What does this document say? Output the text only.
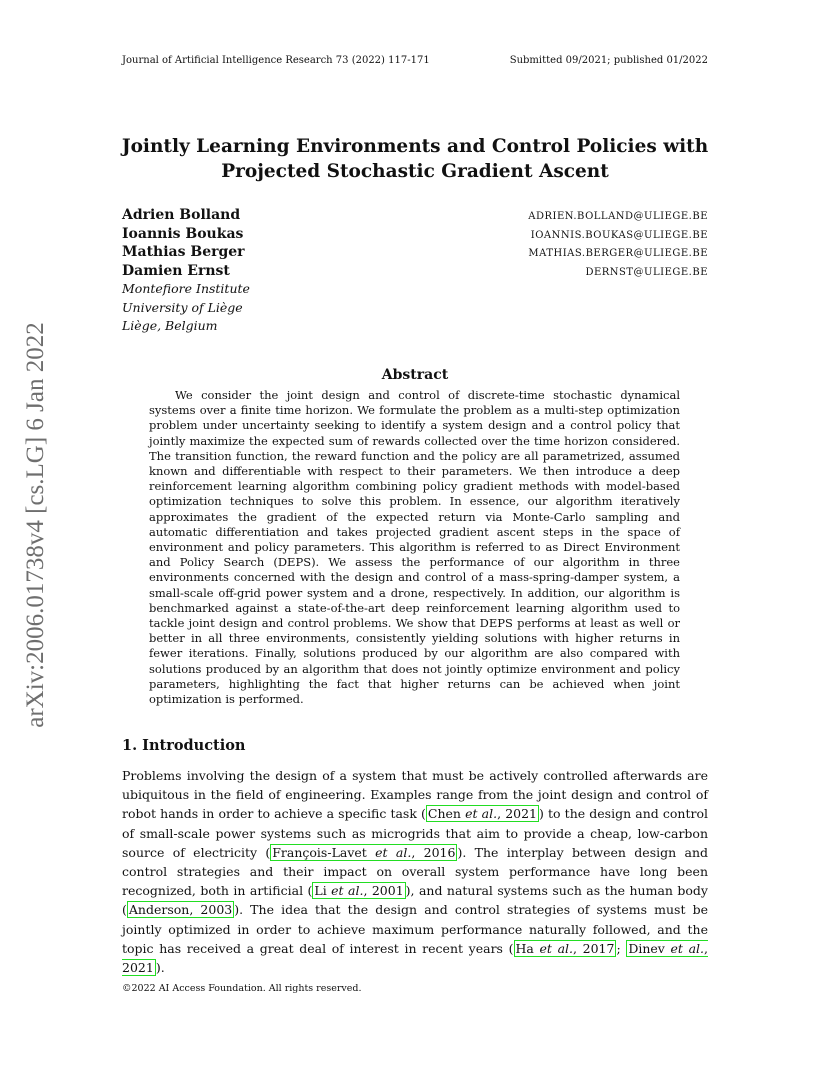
Journal of Artificial Intelligence Research 73 (2022) 117-171	Submitted 09/2021; published 01/2022
arXiv:2006.01738v4 [cs.LG] 6 Jan 2022
Jointly Learning Environments and Control Policies with
Projected Stochastic Gradient Ascent
Adrien Bolland	ADRIEN.BOLLAND@ULIEGE.BE
Ioannis Boukas	IOANNIS.BOUKAS@ULIEGE.BE
Mathias Berger	MATHIAS.BERGER@ULIEGE.BE
Damien Ernst	DERNST@ULIEGE.BE
Montefiore Institute
University of Liège
Liège, Belgium
Abstract

We consider the joint design and control of discrete-time stochastic dynamical systems over a finite time horizon. We formulate the problem as a multi-step optimization problem under uncertainty seeking to identify a system design and a control policy that jointly maximize the expected sum of rewards collected over the time horizon considered. The transition function, the reward function and the policy are all parametrized, assumed known and differentiable with respect to their parameters. We then introduce a deep reinforcement learning algorithm combining policy gradient methods with model-based optimization techniques to solve this problem. In essence, our algorithm iteratively approximates the gradient of the expected return via Monte-Carlo sampling and automatic differentiation and takes projected gradient ascent steps in the space of environment and policy parameters. This algorithm is referred to as Direct Environment and Policy Search (DEPS). We assess the performance of our algorithm in three environments concerned with the design and control of a mass-spring-damper system, a small-scale off-grid power system and a drone, respectively. In addition, our algorithm is benchmarked against a state-of-the-art deep reinforcement learning algorithm used to tackle joint design and control problems. We show that DEPS performs at least as well or better in all three environments, consistently yielding solutions with higher returns in fewer iterations. Finally, solutions produced by our algorithm are also compared with solutions produced by an algorithm that does not jointly optimize environment and policy parameters, highlighting the fact that higher returns can be achieved when joint optimization is performed.

1. Introduction

Problems involving the design of a system that must be actively controlled afterwards are ubiquitous in the field of engineering. Examples range from the joint design and control of robot hands in order to achieve a specific task ( Chen et al., 2021 ) to the design and control of small-scale power systems such as microgrids that aim to provide a cheap, low-carbon source of electricity ( François-Lavet et al., 2016 ). The interplay between design and control strategies and their impact on overall system performance have long been recognized, both in artificial ( Li et al., 2001 ), and natural systems such as the human body ( Anderson, 2003 ). The idea that the design and control strategies of systems must be jointly optimized in order to achieve maximum performance naturally followed, and the topic has received a great deal of interest in recent years ( Ha et al., 2017 ; Dinev et al., 2021 ).

©2022 AI Access Foundation. All rights reserved.
